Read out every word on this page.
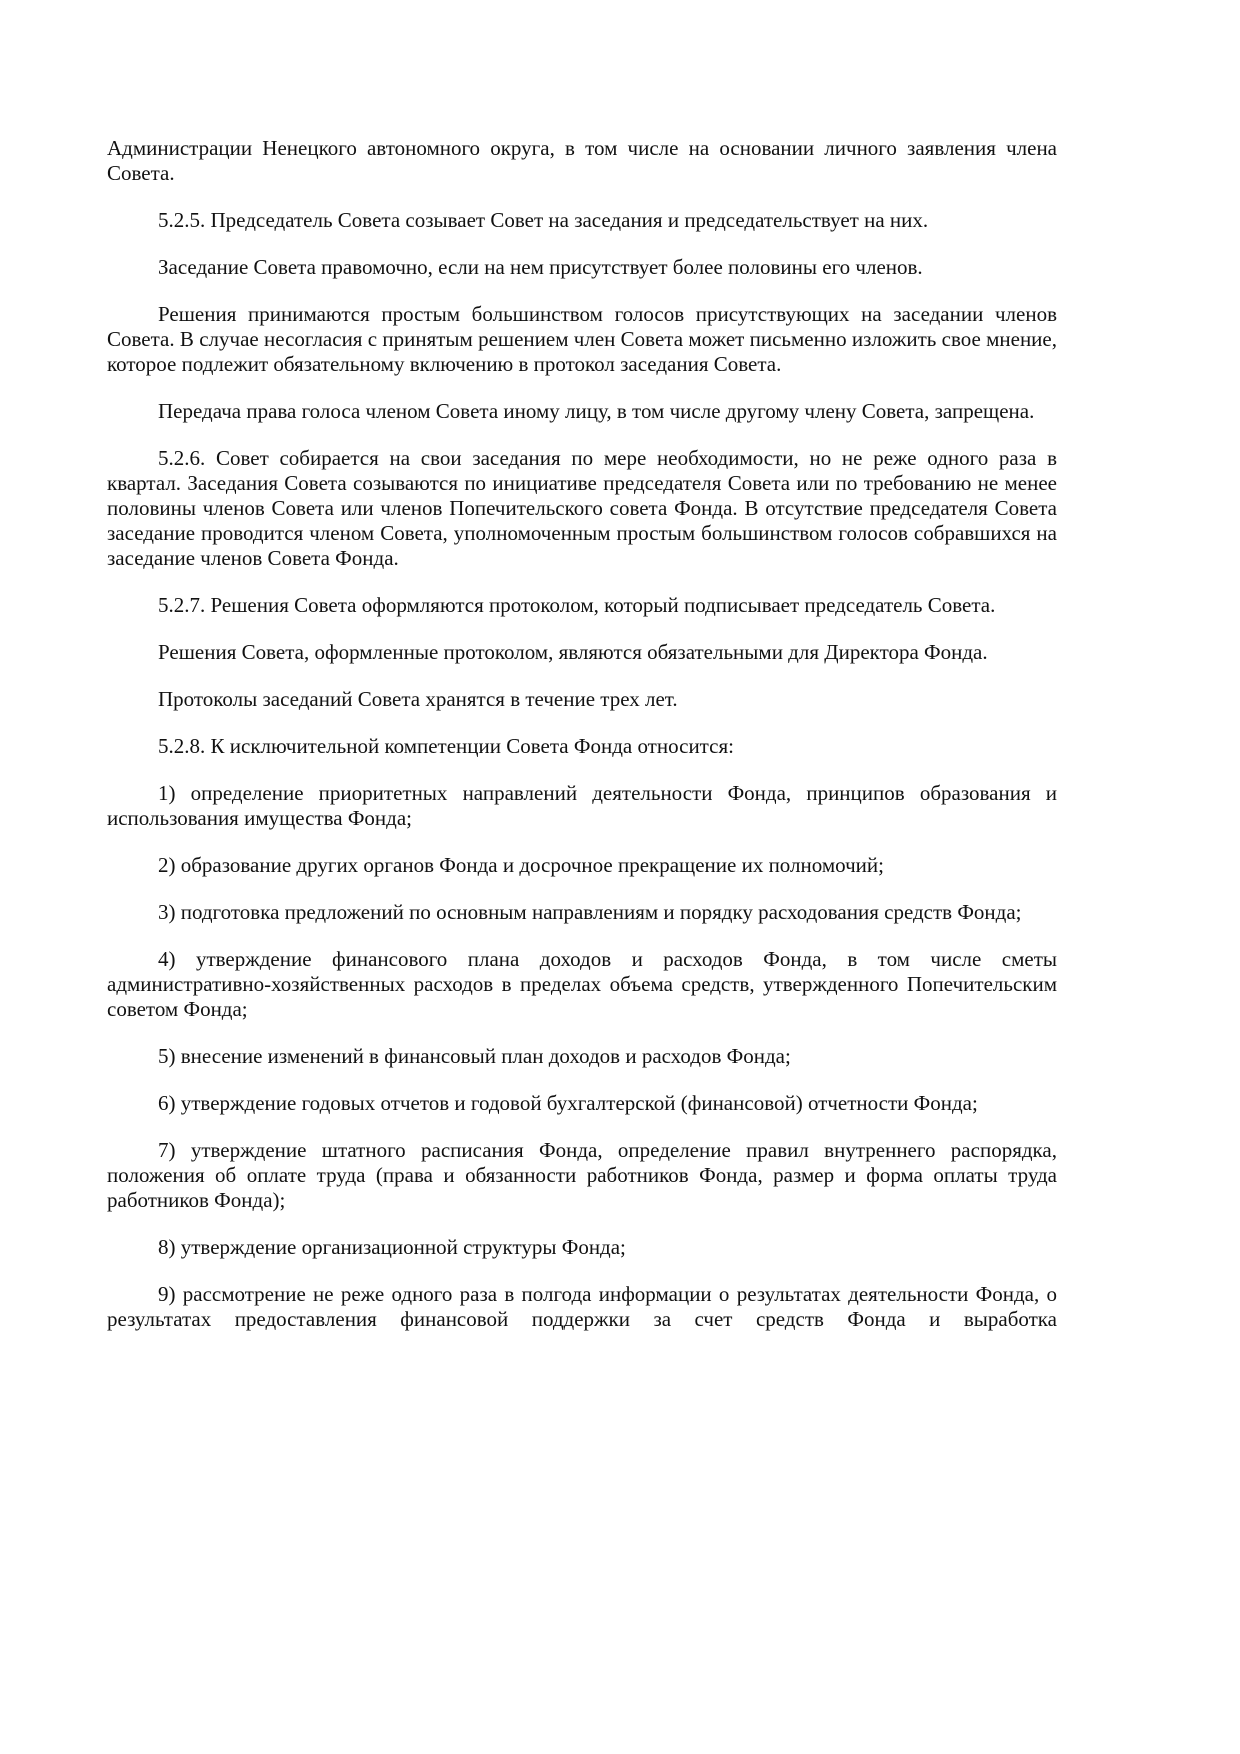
Администрации Ненецкого автономного округа, в том числе на основании личного заявления члена Совета.

5.2.5. Председатель Совета созывает Совет на заседания и председательствует на них.

Заседание Совета правомочно, если на нем присутствует более половины его членов.

Решения принимаются простым большинством голосов присутствующих на заседании членов Совета. В случае несогласия с принятым решением член Совета может письменно изложить свое мнение, которое подлежит обязательному включению в протокол заседания Совета.

Передача права голоса членом Совета иному лицу, в том числе другому члену Совета, запрещена.

5.2.6. Совет собирается на свои заседания по мере необходимости, но не реже одного раза в квартал. Заседания Совета созываются по инициативе председателя Совета или по требованию не менее половины членов Совета или членов Попечительского совета Фонда. В отсутствие председателя Совета заседание проводится членом Совета, уполномоченным простым большинством голосов собравшихся на заседание членов Совета Фонда.

5.2.7. Решения Совета оформляются протоколом, который подписывает председатель Совета.

Решения Совета, оформленные протоколом, являются обязательными для Директора Фонда.

Протоколы заседаний Совета хранятся в течение трех лет.

5.2.8. К исключительной компетенции Совета Фонда относится:

1) определение приоритетных направлений деятельности Фонда, принципов образования и использования имущества Фонда;

2) образование других органов Фонда и досрочное прекращение их полномочий;

3) подготовка предложений по основным направлениям и порядку расходования средств Фонда;

4) утверждение финансового плана доходов и расходов Фонда, в том числе сметы административно-хозяйственных расходов в пределах объема средств, утвержденного Попечительским советом Фонда;

5) внесение изменений в финансовый план доходов и расходов Фонда;

6) утверждение годовых отчетов и годовой бухгалтерской (финансовой) отчетности Фонда;

7) утверждение штатного расписания Фонда, определение правил внутреннего распорядка, положения об оплате труда (права и обязанности работников Фонда, размер и форма оплаты труда работников Фонда);

8) утверждение организационной структуры Фонда;

9) рассмотрение не реже одного раза в полгода информации о результатах деятельности Фонда, о результатах предоставления финансовой поддержки за счет средств Фонда и выработка
